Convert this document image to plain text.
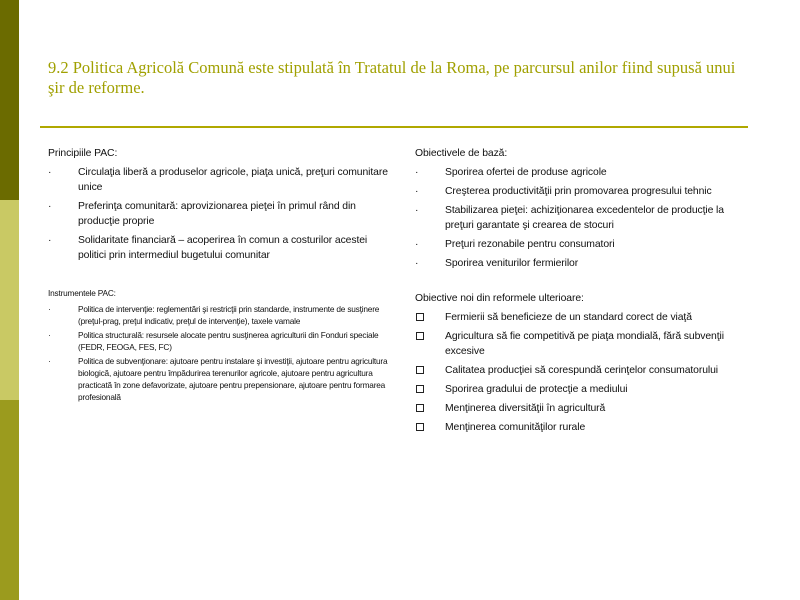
9.2 Politica Agricolă Comună este stipulată în Tratatul de la Roma, pe parcursul anilor fiind supusă unui şir de reforme.
Principiile PAC:
·	Circulaţia liberă a produselor agricole, piaţa unică, preţuri comunitare unice
·	Preferinţa comunitară: aprovizionarea pieţei în primul rând din producţie proprie
·	Solidaritate financiară – acoperirea în comun a costurilor acestei politici prin intermediul bugetului comunitar
Instrumentele PAC:
·	Politica de intervenţie: reglementări şi restricţii prin standarde, instrumente de susţinere (preţul-prag, preţul indicativ, preţul de intervenţie), taxele vamale
·	Politica structurală: resursele alocate pentru susţinerea agriculturii din Fonduri speciale (FEDR, FEOGA, FES, FC)
·	Politica de subvenţionare: ajutoare pentru instalare şi investiţii, ajutoare pentru agricultura biologică, ajutoare pentru împădurirea terenurilor agricole, ajutoare pentru agricultura practicată în zone defavorizate, ajutoare pentru prepensionare, ajutoare pentru formarea profesională
Obiectivele de bază:
·	Sporirea ofertei de produse agricole
·	Creşterea productivităţii prin promovarea progresului tehnic
·	Stabilizarea pieţei: achiziţionarea excedentelor de producţie la preţuri garantate şi crearea de stocuri
·	Preţuri rezonabile pentru consumatori
·	Sporirea veniturilor fermierilor
Obiective noi din reformele ulterioare:
Fermierii să beneficieze de un standard corect de viaţă
Agricultura să fie competitivă pe piaţa mondială, fără subvenţii excesive
Calitatea producţiei să corespundă cerinţelor consumatorului
Sporirea gradului de protecţie a mediului
Menţinerea diversităţii în agricultură
Menţinerea comunităţilor rurale
